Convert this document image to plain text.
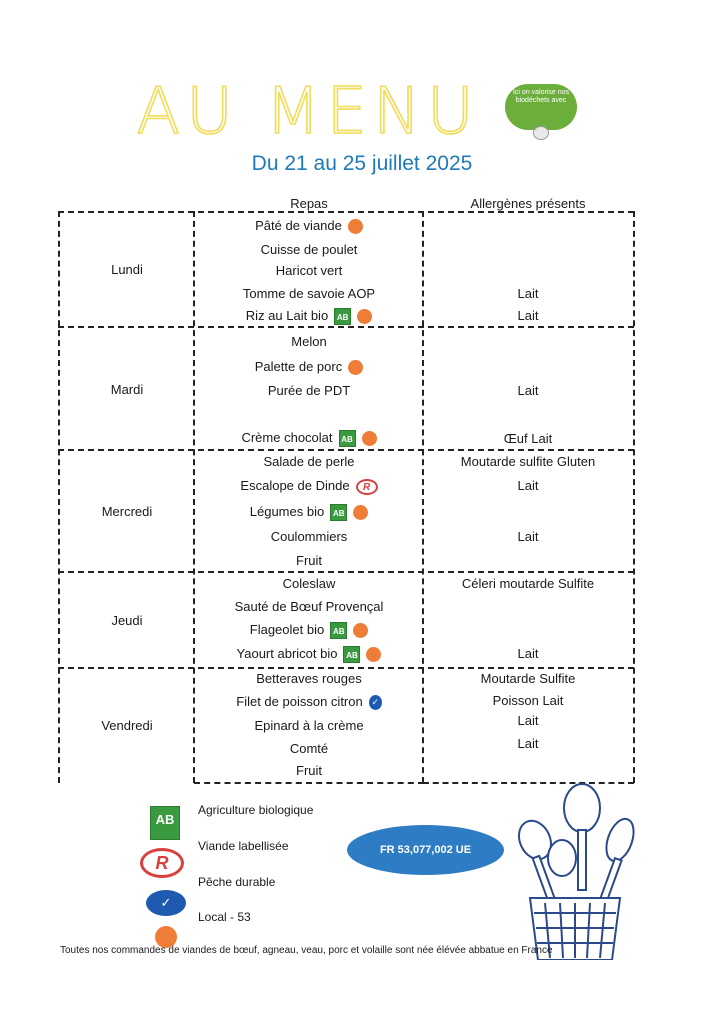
AU MENU	Ici on valorise nos biodéchets avec
Du 21 au 25 juillet 2025
Repas	Allergènes présents
Lundi
Pâté de viande
Cuisse de poulet
Haricot vert
Tomme de savoie AOP	Lait
Riz au Lait bio AB	Lait
Mardi
Melon
Palette de porc
Purée de PDT	Lait
Crème chocolat AB	Œuf Lait
Mercredi
Salade de perle	Moutarde sulfite Gluten
Escalope de Dinde R	Lait
Légumes bio AB
Coulommiers	Lait
Fruit
Jeudi
Coleslaw	Céleri moutarde Sulfite
Sauté de Bœuf Provençal
Flageolet bio AB
Yaourt abricot bio AB	Lait
Vendredi
Betteraves rouges	Moutarde Sulfite
Filet de poisson citron ✓	Poisson Lait
Epinard à la crème	Lait
Comté	Lait
Fruit
AB
Agriculture biologique
R
Viande labellisée
✓
Pêche durable
Local - 53
FR 53,077,002 UE
Toutes nos commandes de viandes de bœuf, agneau, veau, porc et volaille sont née élévée abbatue en France
